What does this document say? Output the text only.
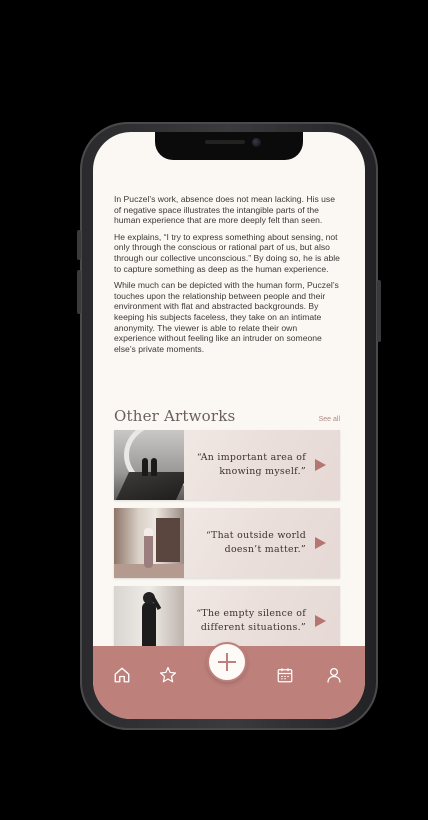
In Puczel’s work, absence does not mean lacking. His use of negative space illustrates the intangible parts of the human experience that are more deeply felt than seen.

He explains, “I try to express something about sensing, not only through the conscious or rational part of us, but also through our collective unconscious.” By doing so, he is able to capture something as deep as the human experience.

While much can be depicted with the human form, Puczel’s touches upon the relationship between people and their environment with flat and abstracted backgrounds. By keeping his subjects faceless, they take on an intimate anonymity. The viewer is able to relate their own experience without feeling like an intruder on someone else’s private moments.

Other Artworks	See all
“An important area of
knowing myself.”
“That outside world
doesn’t matter.”
“The empty silence of
different situations.”
